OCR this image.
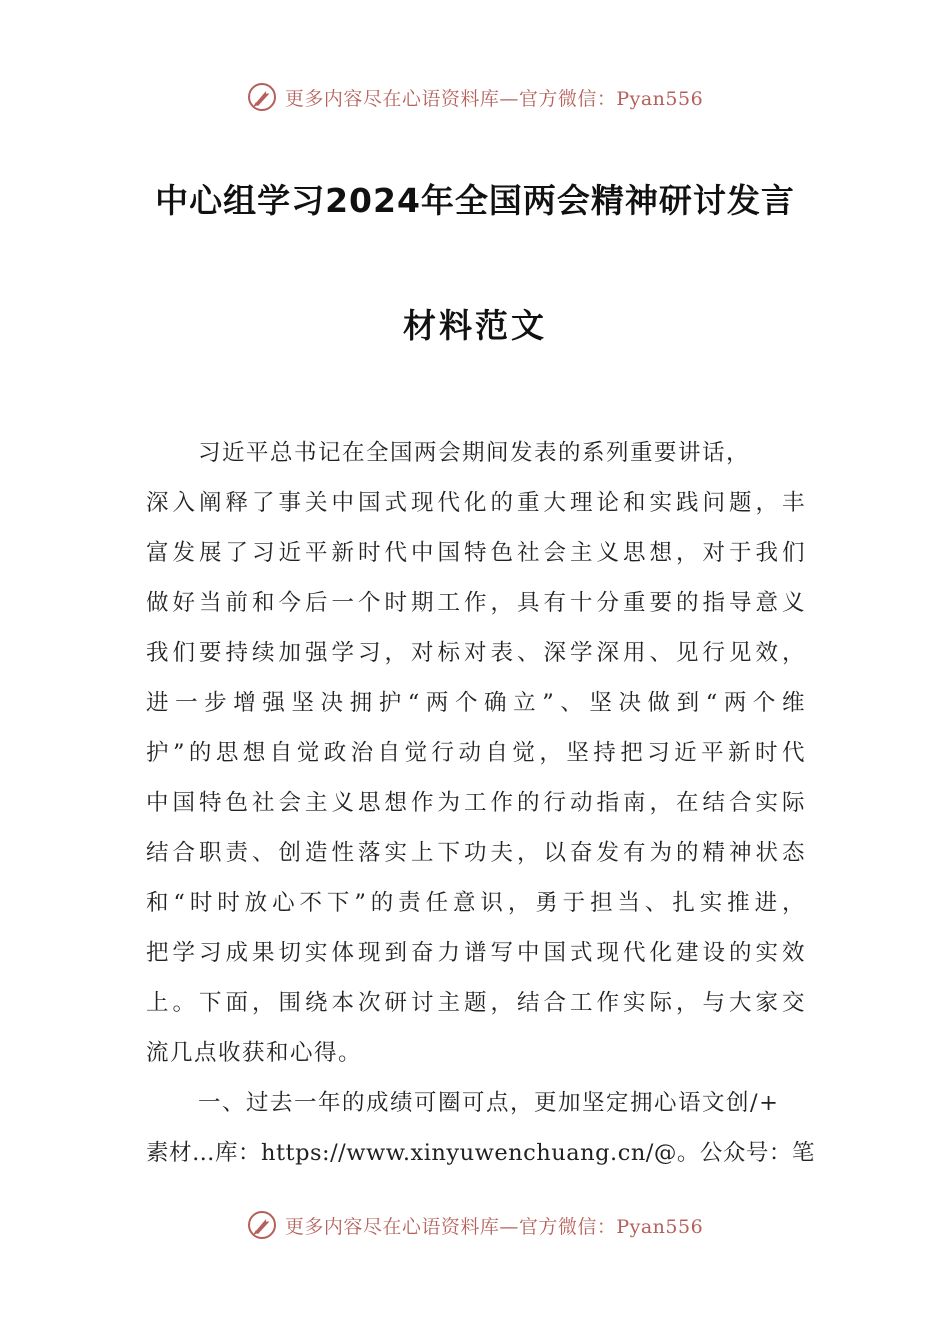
更多内容尽在心语资料库—官方微信：Pyan556
中心组学习2024年全国两会精神研讨发言
材料范文
习近平总书记在全国两会期间发表的系列重要讲话，
深入阐释了事关中国式现代化的重大理论和实践问题，丰
富发展了习近平新时代中国特色社会主义思想，对于我们
做好当前和今后一个时期工作，具有十分重要的指导意义
我们要持续加强学习，对标对表、深学深用、见行见效，
进一步增强坚决拥护“两个确立”、坚决做到“两个维
护”的思想自觉政治自觉行动自觉，坚持把习近平新时代
中国特色社会主义思想作为工作的行动指南，在结合实际
结合职责、创造性落实上下功夫，以奋发有为的精神状态
和“时时放心不下”的责任意识，勇于担当、扎实推进，
把学习成果切实体现到奋力谱写中国式现代化建设的实效
上。下面，围绕本次研讨主题，结合工作实际，与大家交
流几点收获和心得。
一、过去一年的成绩可圈可点，更加坚定拥心语文创/+
素材…库：https://www.xinyuwenchuang.cn/@。公众号：笔
更多内容尽在心语资料库—官方微信：Pyan556
